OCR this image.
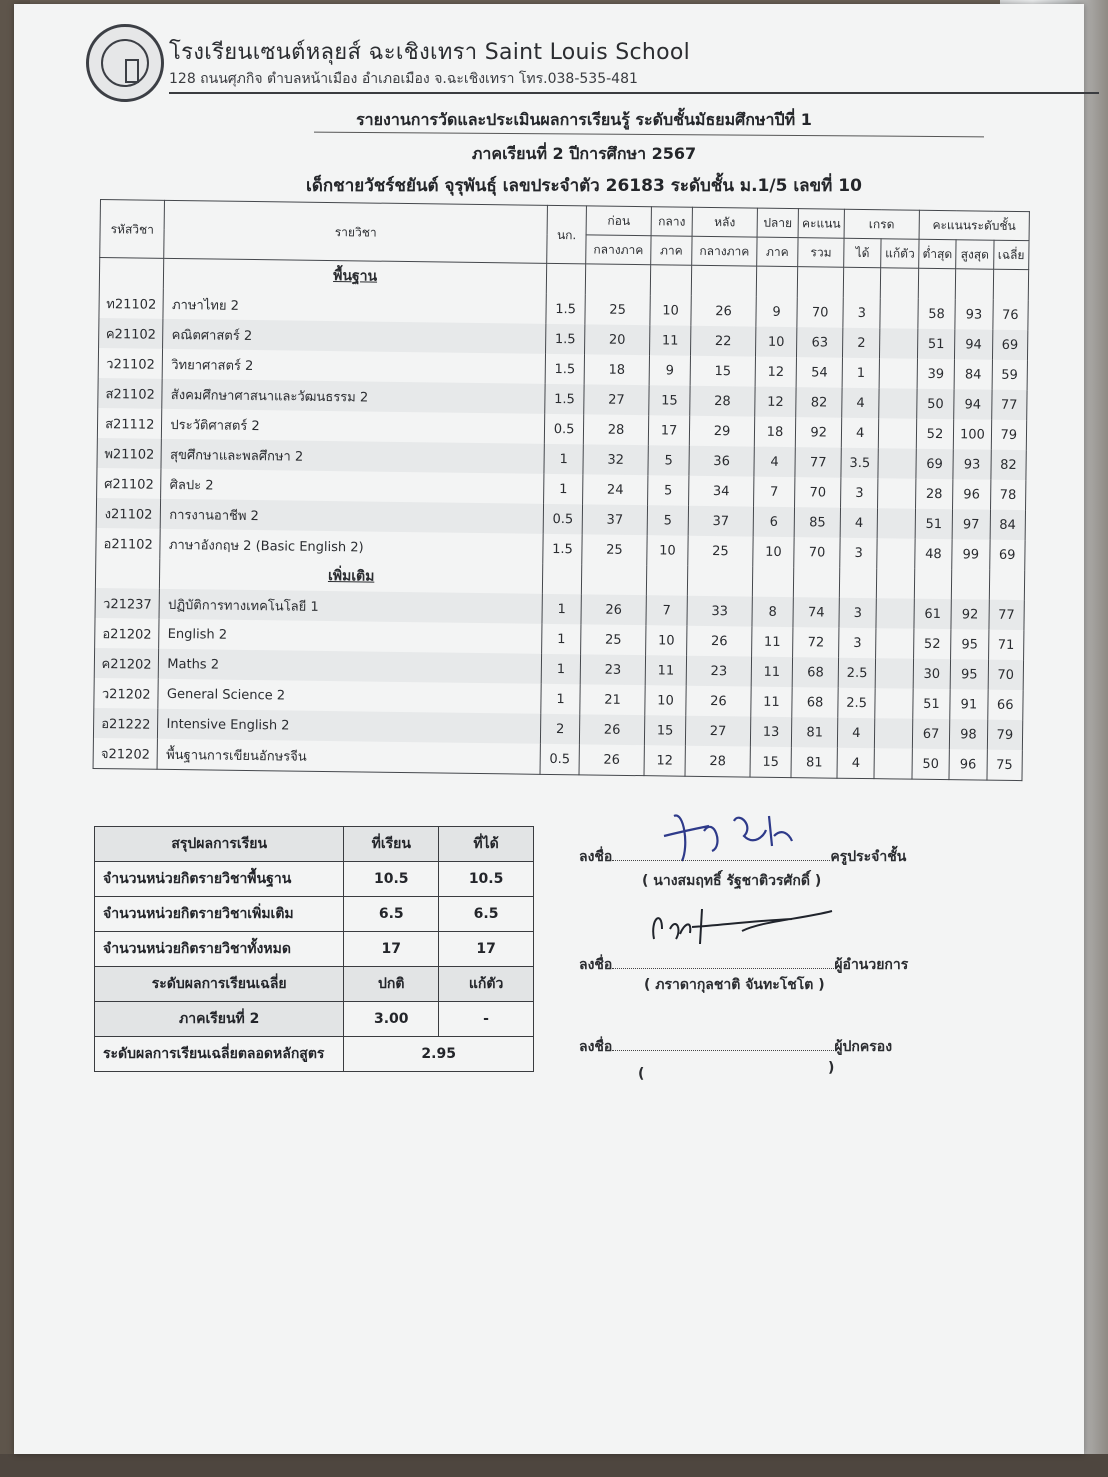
โรงเรียนเซนต์หลุยส์ ฉะเชิงเทรา Saint Louis School
128 ถนนศุภกิจ ตำบลหน้าเมือง อำเภอเมือง จ.ฉะเชิงเทรา โทร.038-535-481
รายงานการวัดและประเมินผลการเรียนรู้ ระดับชั้นมัธยมศึกษาปีที่ 1
ภาคเรียนที่ 2 ปีการศึกษา 2567
เด็กชายวัชร์ชยันต์ จุรุพันธุ์ เลขประจำตัว 26183 ระดับชั้น ม.1/5 เลขที่ 10
รหัสวิชา	รายวิชา	นก.	ก่อน	กลาง	หลัง	ปลาย	คะแนน	เกรด		คะแนนระดับชั้น		
			กลางภาค	ภาค	กลางภาค	ภาค	รวม	ได้	แก้ตัว	ต่ำสุด	สูงสุด	เฉลี่ย
	พื้นฐาน											
ท21102	ภาษาไทย 2	1.5	25	10	26	9	70	3		58	93	76
ค21102	คณิตศาสตร์ 2	1.5	20	11	22	10	63	2		51	94	69
ว21102	วิทยาศาสตร์ 2	1.5	18	9	15	12	54	1		39	84	59
ส21102	สังคมศึกษาศาสนาและวัฒนธรรม 2	1.5	27	15	28	12	82	4		50	94	77
ส21112	ประวัติศาสตร์ 2	0.5	28	17	29	18	92	4		52	100	79
พ21102	สุขศึกษาและพลศึกษา 2	1	32	5	36	4	77	3.5		69	93	82
ศ21102	ศิลปะ 2	1	24	5	34	7	70	3		28	96	78
ง21102	การงานอาชีพ 2	0.5	37	5	37	6	85	4		51	97	84
อ21102	ภาษาอังกฤษ 2 (Basic English 2)	1.5	25	10	25	10	70	3		48	99	69
	เพิ่มเติม											
ว21237	ปฏิบัติการทางเทคโนโลยี 1	1	26	7	33	8	74	3		61	92	77
อ21202	English 2	1	25	10	26	11	72	3		52	95	71
ค21202	Maths 2	1	23	11	23	11	68	2.5		30	95	70
ว21202	General Science 2	1	21	10	26	11	68	2.5		51	91	66
อ21222	Intensive English 2	2	26	15	27	13	81	4		67	98	79
จ21202	พื้นฐานการเขียนอักษรจีน	0.5	26	12	28	15	81	4		50	96	75
สรุปผลการเรียน	ที่เรียน	ที่ได้
จำนวนหน่วยกิตรายวิชาพื้นฐาน	10.5	10.5
จำนวนหน่วยกิตรายวิชาเพิ่มเติม	6.5	6.5
จำนวนหน่วยกิตรายวิชาทั้งหมด	17	17
ระดับผลการเรียนเฉลี่ย	ปกติ	แก้ตัว
ภาคเรียนที่ 2	3.00	-
ระดับผลการเรียนเฉลี่ยตลอดหลักสูตร	2.95	
ลงชื่อ	ครูประจำชั้น
( นางสมฤทธิ์ รัฐชาติวรศักดิ์ )
ลงชื่อ	ผู้อำนวยการ
( ภราดากุลชาติ จันทะโชโต )
ลงชื่อ	ผู้ปกครอง
(	)
